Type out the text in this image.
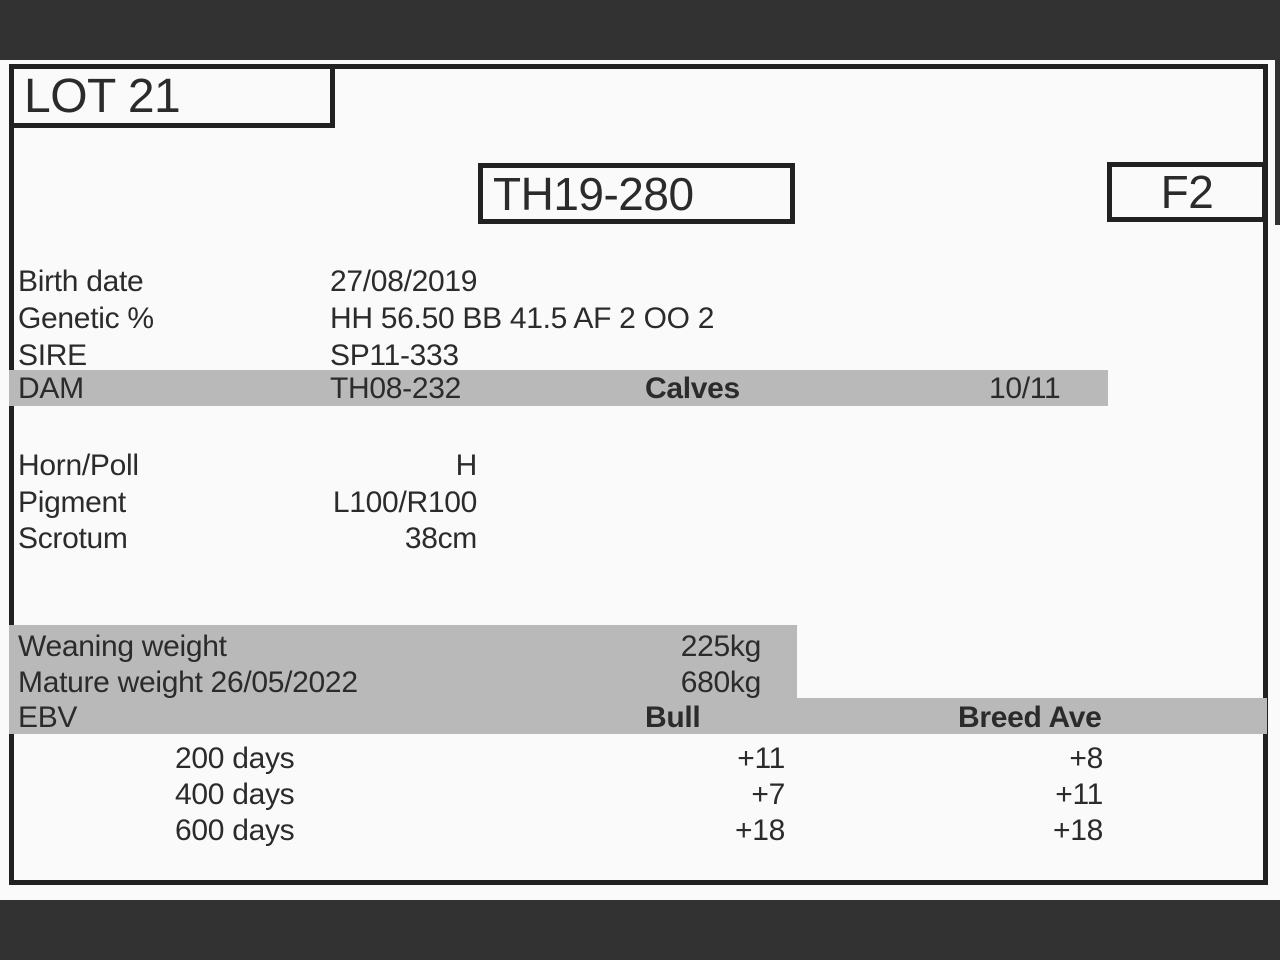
LOT 21
TH19-280	F2
Birth date	27/08/2019
Genetic %	HH 56.50 BB 41.5 AF 2 OO 2
SIRE	SP11-333
DAM	TH08-232	Calves	10/11
Horn/Poll	H
Pigment	L100/R100
Scrotum	38cm
Weaning weight	225kg
Mature weight 26/05/2022	680kg
EBV	Bull	Breed Ave
200 days	+11	+8
400 days	+7	+11
600 days	+18	+18
